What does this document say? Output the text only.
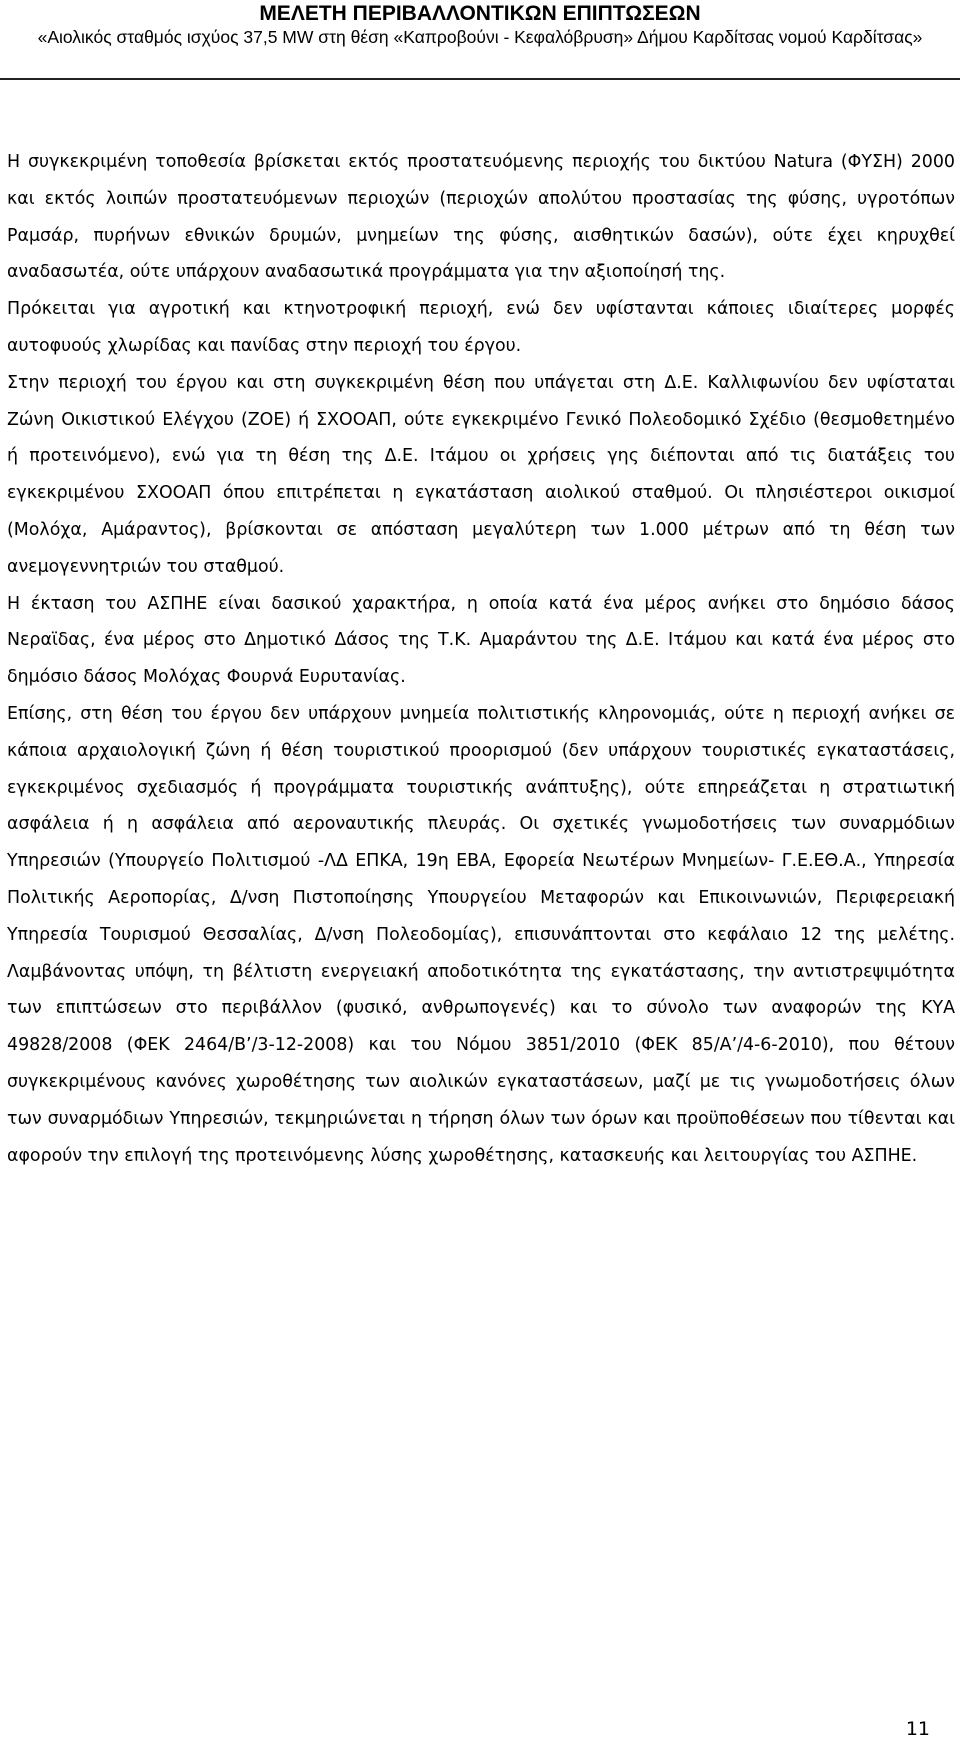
ΜΕΛΕΤΗ ΠΕΡΙΒΑΛΛΟΝΤΙΚΩΝ ΕΠΙΠΤΩΣΕΩΝ
«Αιολικός σταθμός ισχύος 37,5 MW στη θέση «Καπροβούνι - Κεφαλόβρυση» Δήμου Καρδίτσας νομού Καρδίτσας»

Η συγκεκριμένη τοποθεσία βρίσκεται εκτός προστατευόμενης περιοχής του δικτύου Natura (ΦΥΣΗ) 2000 και εκτός λοιπών προστατευόμενων περιοχών (περιοχών απολύτου προστασίας της φύσης, υγροτόπων Ραμσάρ, πυρήνων εθνικών δρυμών, μνημείων της φύσης, αισθητικών δασών), ούτε έχει κηρυχθεί αναδασωτέα, ούτε υπάρχουν αναδασωτικά προγράμματα για την αξιοποίησή της.

Πρόκειται για αγροτική και κτηνοτροφική περιοχή, ενώ δεν υφίστανται κάποιες ιδιαίτερες μορφές αυτοφυούς χλωρίδας και πανίδας στην περιοχή του έργου.

Στην περιοχή του έργου και στη συγκεκριμένη θέση που υπάγεται στη Δ.Ε. Καλλιφωνίου δεν υφίσταται Ζώνη Οικιστικού Ελέγχου (ΖΟΕ) ή ΣΧΟΟΑΠ, ούτε εγκεκριμένο Γενικό Πολεοδομικό Σχέδιο (θεσμοθετημένο ή προτεινόμενο), ενώ για τη θέση της Δ.Ε. Ιτάμου οι χρήσεις γης διέπονται από τις διατάξεις του εγκεκριμένου ΣΧΟΟΑΠ όπου επιτρέπεται η εγκατάσταση αιολικού σταθμού. Οι πλησιέστεροι οικισμοί (Μολόχα, Αμάραντος), βρίσκονται σε απόσταση μεγαλύτερη των 1.000 μέτρων από τη θέση των ανεμογεννητριών του σταθμού.

Η έκταση του ΑΣΠΗΕ είναι δασικού χαρακτήρα, η οποία κατά ένα μέρος ανήκει στο δημόσιο δάσος Νεραϊδας, ένα μέρος στο Δημοτικό Δάσος της Τ.Κ. Αμαράντου της Δ.Ε. Ιτάμου και κατά ένα μέρος στο δημόσιο δάσος Μολόχας Φουρνά Ευρυτανίας.

Επίσης, στη θέση του έργου δεν υπάρχουν μνημεία πολιτιστικής κληρονομιάς, ούτε η περιοχή ανήκει σε κάποια αρχαιολογική ζώνη ή θέση τουριστικού προορισμού (δεν υπάρχουν τουριστικές εγκαταστάσεις, εγκεκριμένος σχεδιασμός ή προγράμματα τουριστικής ανάπτυξης), ούτε επηρεάζεται η στρατιωτική ασφάλεια ή η ασφάλεια από αεροναυτικής πλευράς. Οι σχετικές γνωμοδοτήσεις των συναρμόδιων Υπηρεσιών (Υπουργείο Πολιτισμού -ΛΔ ΕΠΚΑ, 19η ΕΒΑ, Εφορεία Νεωτέρων Μνημείων- Γ.Ε.ΕΘ.Α., Υπηρεσία Πολιτικής Αεροπορίας, Δ/νση Πιστοποίησης Υπουργείου Μεταφορών και Επικοινωνιών, Περιφερειακή Υπηρεσία Τουρισμού Θεσσαλίας, Δ/νση Πολεοδομίας), επισυνάπτονται στο κεφάλαιο 12 της μελέτης. Λαμβάνοντας υπόψη, τη βέλτιστη ενεργειακή αποδοτικότητα της εγκατάστασης, την αντιστρεψιμότητα των επιπτώσεων στο περιβάλλον (φυσικό, ανθρωπογενές) και το σύνολο των αναφορών της ΚΥΑ 49828/2008 (ΦΕΚ 2464/Β’/3-12-2008) και του Νόμου 3851/2010 (ΦΕΚ 85/Α’/4-6-2010), που θέτουν συγκεκριμένους κανόνες χωροθέτησης των αιολικών εγκαταστάσεων, μαζί με τις γνωμοδοτήσεις όλων των συναρμόδιων Υπηρεσιών, τεκμηριώνεται η τήρηση όλων των όρων και προϋποθέσεων που τίθενται και αφορούν την επιλογή της προτεινόμενης λύσης χωροθέτησης, κατασκευής και λειτουργίας του ΑΣΠΗΕ.

11
